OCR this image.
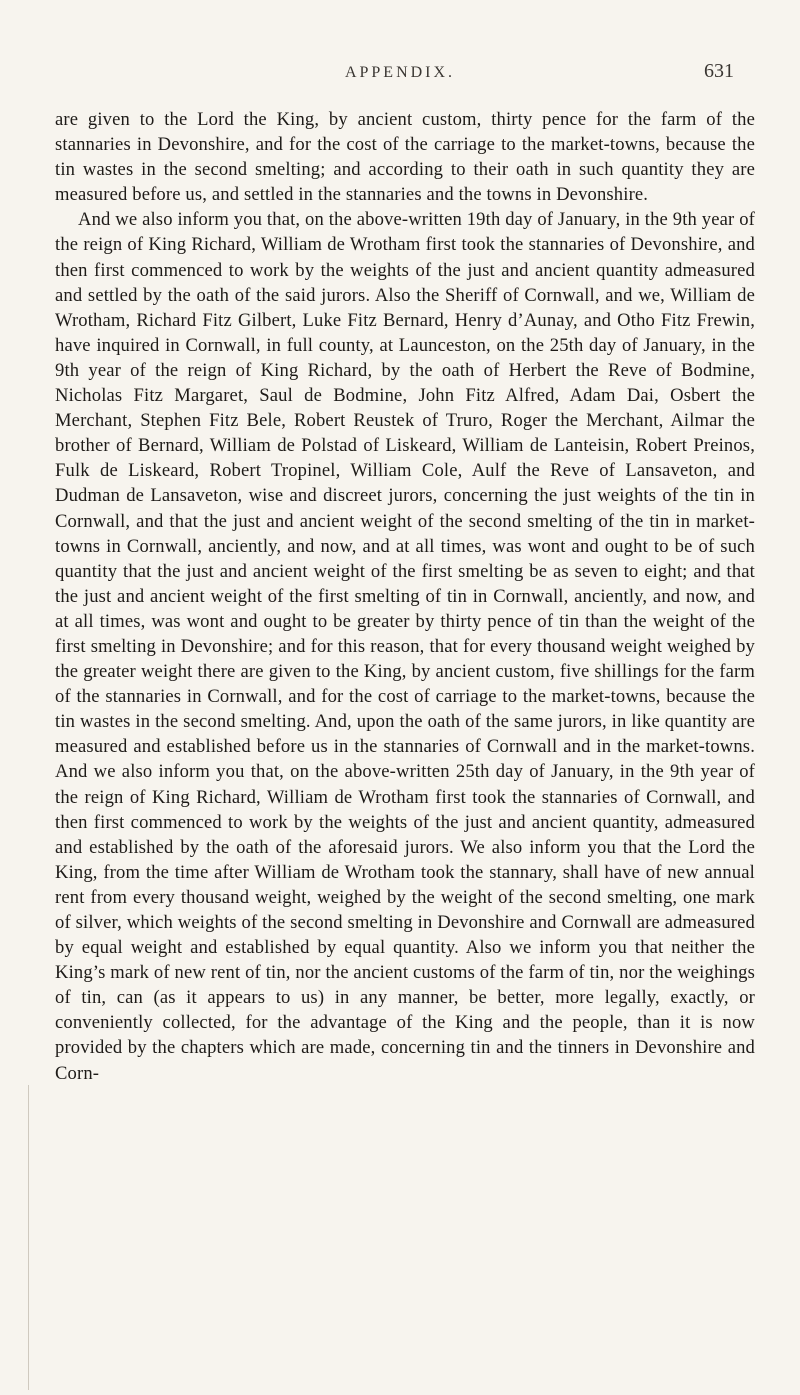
APPENDIX.	631

are given to the Lord the King, by ancient custom, thirty pence for the farm of the stannaries in Devonshire, and for the cost of the carriage to the market-towns, because the tin wastes in the second smelting; and according to their oath in such quantity they are measured before us, and settled in the stannaries and the towns in Devonshire.

And we also inform you that, on the above-written 19th day of January, in the 9th year of the reign of King Richard, William de Wrotham first took the stannaries of Devonshire, and then first commenced to work by the weights of the just and ancient quantity admeasured and settled by the oath of the said jurors. Also the Sheriff of Cornwall, and we, William de Wrotham, Richard Fitz Gilbert, Luke Fitz Bernard, Henry d’Aunay, and Otho Fitz Frewin, have inquired in Cornwall, in full county, at Launceston, on the 25th day of January, in the 9th year of the reign of King Richard, by the oath of Herbert the Reve of Bodmine, Nicholas Fitz Margaret, Saul de Bodmine, John Fitz Alfred, Adam Dai, Osbert the Merchant, Stephen Fitz Bele, Robert Reustek of Truro, Roger the Merchant, Ailmar the brother of Bernard, William de Polstad of Liskeard, William de Lanteisin, Robert Preinos, Fulk de Liskeard, Robert Tropinel, William Cole, Aulf the Reve of Lansaveton, and Dudman de Lansaveton, wise and discreet jurors, concerning the just weights of the tin in Cornwall, and that the just and ancient weight of the second smelting of the tin in market-towns in Cornwall, anciently, and now, and at all times, was wont and ought to be of such quantity that the just and ancient weight of the first smelting be as seven to eight; and that the just and ancient weight of the first smelting of tin in Cornwall, anciently, and now, and at all times, was wont and ought to be greater by thirty pence of tin than the weight of the first smelting in Devonshire; and for this reason, that for every thousand weight weighed by the greater weight there are given to the King, by ancient custom, five shillings for the farm of the stannaries in Cornwall, and for the cost of carriage to the market-towns, because the tin wastes in the second smelting. And, upon the oath of the same jurors, in like quantity are measured and established before us in the stannaries of Cornwall and in the market-towns. And we also inform you that, on the above-written 25th day of January, in the 9th year of the reign of King Richard, William de Wrotham first took the stannaries of Cornwall, and then first commenced to work by the weights of the just and ancient quantity, admeasured and established by the oath of the aforesaid jurors. We also inform you that the Lord the King, from the time after William de Wrotham took the stannary, shall have of new annual rent from every thousand weight, weighed by the weight of the second smelting, one mark of silver, which weights of the second smelting in Devonshire and Cornwall are admeasured by equal weight and established by equal quantity. Also we inform you that neither the King’s mark of new rent of tin, nor the ancient customs of the farm of tin, nor the weighings of tin, can (as it appears to us) in any manner, be better, more legally, exactly, or conveniently collected, for the advantage of the King and the people, than it is now provided by the chapters which are made, concerning tin and the tinners in Devonshire and Corn-
